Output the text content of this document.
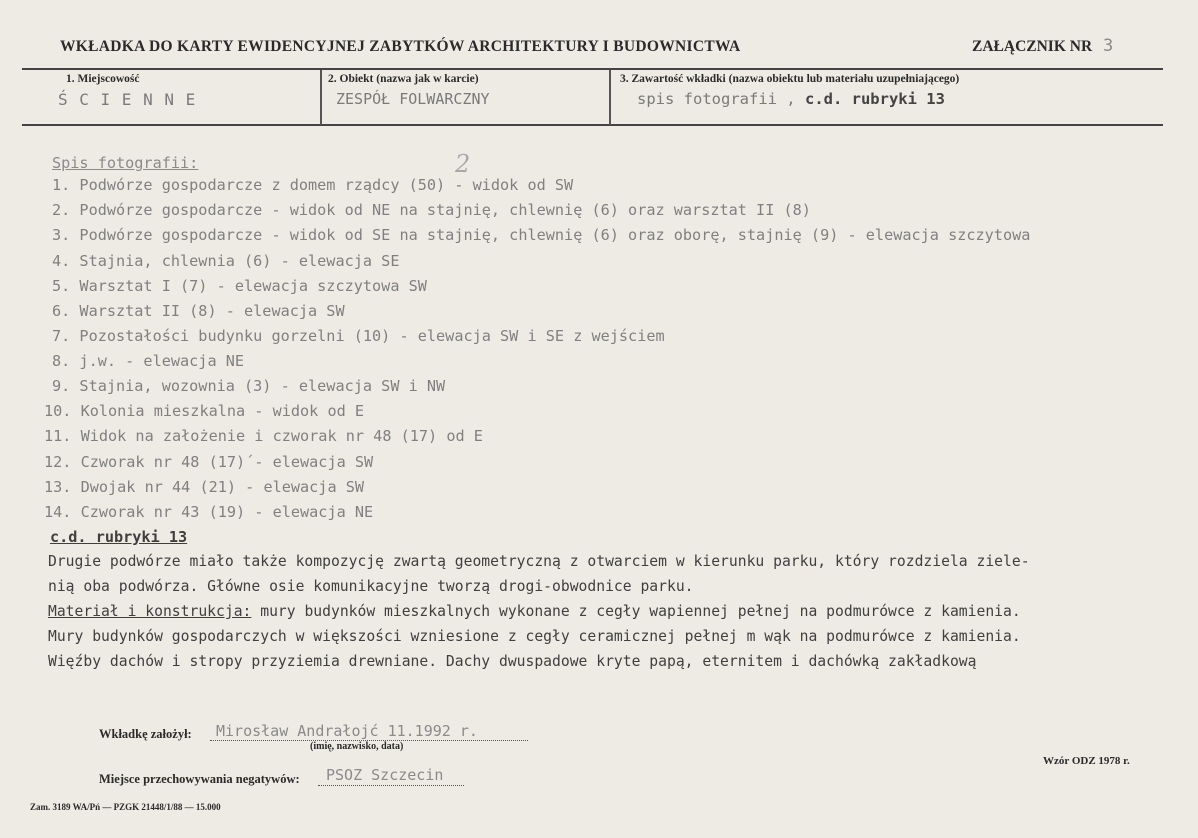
WKŁADKA DO KARTY EWIDENCYJNEJ ZABYTKÓW ARCHITEKTURY I BUDOWNICTWA	ZAŁĄCZNIK NR 3
1. Miejscowość
Ś C I E N N E
2. Obiekt (nazwa jak w karcie)
ZESPÓŁ FOLWARCZNY
3. Zawartość wkładki (nazwa obiektu lub materiału uzupełniającego)
spis fotografii , c.d. rubryki 13
Spis fotografii:	2
1. Podwórze gospodarcze z domem rządcy (50) - widok od SW
2. Podwórze gospodarcze - widok od NE na stajnię, chlewnię (6) oraz warsztat II (8)
3. Podwórze gospodarcze - widok od SE na stajnię, chlewnię (6) oraz oborę, stajnię (9) - elewacja szczytowa
4. Stajnia, chlewnia (6) - elewacja SE
5. Warsztat I (7) - elewacja szczytowa SW
6. Warsztat II (8) - elewacja SW
7. Pozostałości budynku gorzelni (10) - elewacja SW i SE z wejściem
8. j.w. - elewacja NE
9. Stajnia, wozownia (3) - elewacja SW i NW
10. Kolonia mieszkalna - widok od E
11. Widok na założenie i czworak nr 48 (17) od E
12. Czworak nr 48 (17)´- elewacja SW
13. Dwojak nr 44 (21) - elewacja SW
14. Czworak nr 43 (19) - elewacja NE
c.d. rubryki 13
Drugie podwórze miało także kompozycję zwartą geometryczną z otwarciem w kierunku parku, który rozdziela ziele-
nią oba podwórza. Główne osie komunikacyjne tworzą drogi-obwodnice parku.
Materiał i konstrukcja: mury budynków mieszkalnych wykonane z cegły wapiennej pełnej na podmurówce z kamienia.
Mury budynków gospodarczych w większości wzniesione z cegły ceramicznej pełnej m wąk na podmurówce z kamienia.
Więźby dachów i stropy przyziemia drewniane. Dachy dwuspadowe kryte papą, eternitem i dachówką zakładkową
Wkładkę założył: Mirosław Andrałojć 11.1992 r.
(imię, nazwisko, data)
Miejsce przechowywania negatywów: PSOZ Szczecin
Wzór ODZ 1978 r.
Zam. 3189 WA/Pń — PZGK 21448/1/88 — 15.000
